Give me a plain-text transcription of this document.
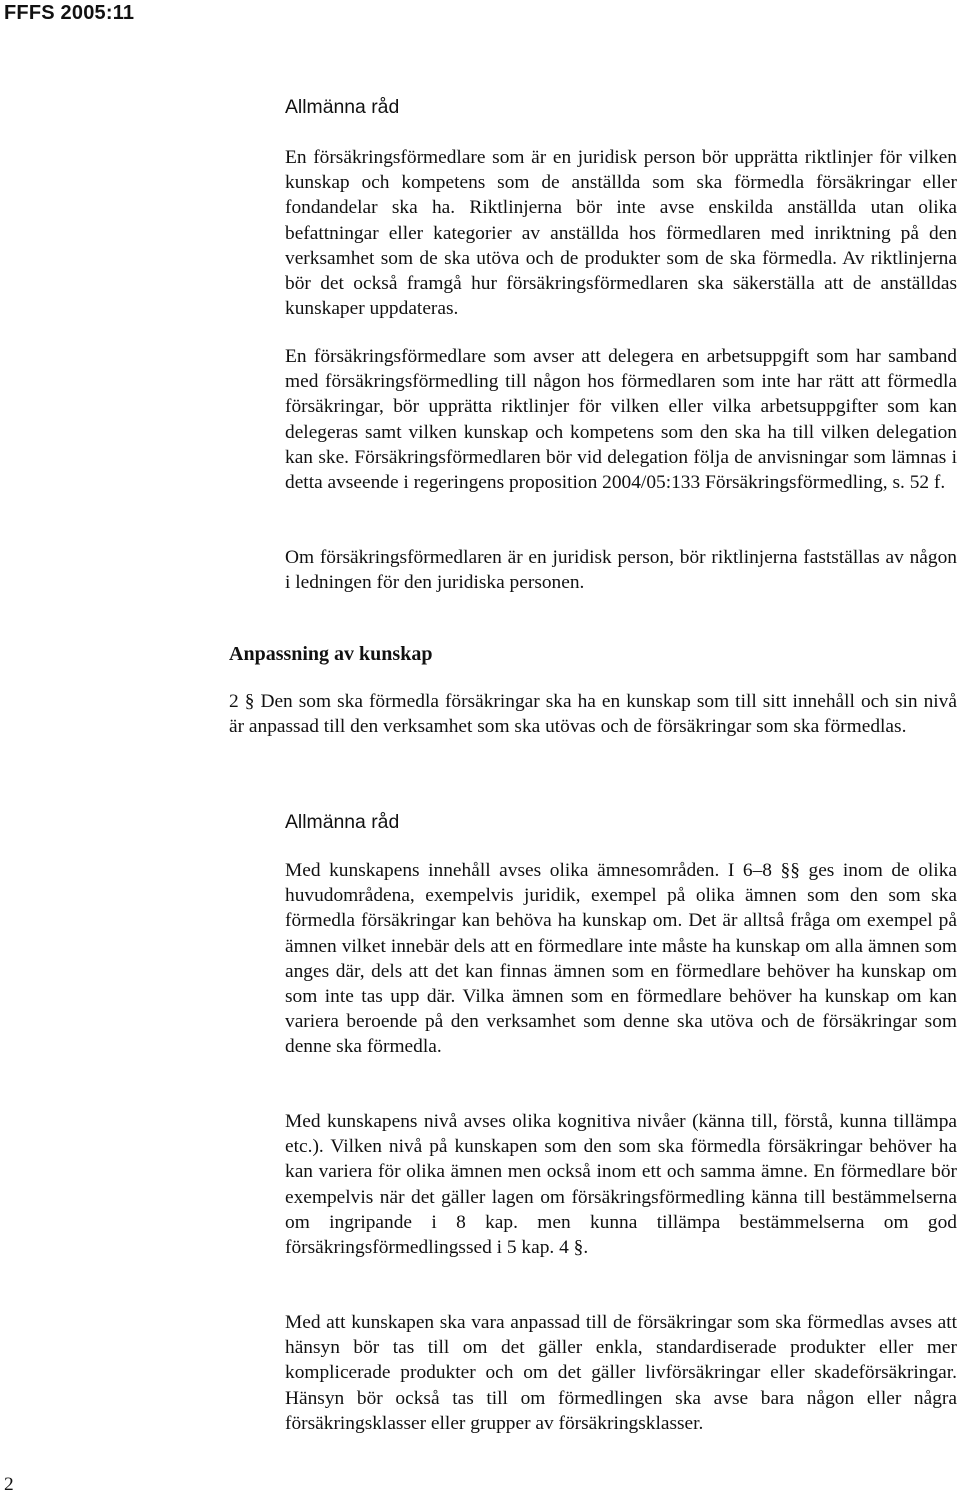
FFFS 2005:11
Allmänna råd

En försäkringsförmedlare som är en juridisk person bör upprätta riktlinjer för vilken kunskap och kompetens som de anställda som ska förmedla försäkringar eller fondandelar ska ha. Riktlinjerna bör inte avse enskilda anställda utan olika befattningar eller kategorier av anställda hos förmedlaren med inriktning på den verksamhet som de ska utöva och de produkter som de ska förmedla. Av riktlinjerna bör det också framgå hur försäkringsförmedlaren ska säkerställa att de anställdas kunskaper uppdateras.

En försäkringsförmedlare som avser att delegera en arbetsuppgift som har samband med försäkringsförmedling till någon hos förmedlaren som inte har rätt att förmedla försäkringar, bör upprätta riktlinjer för vilken eller vilka arbetsuppgifter som kan delegeras samt vilken kunskap och kompetens som den ska ha till vilken delegation kan ske. Försäkringsförmedlaren bör vid delegation följa de anvisningar som lämnas i detta avseende i regeringens proposition 2004/05:133 Försäkringsförmedling, s. 52 f.

Om försäkringsförmedlaren är en juridisk person, bör riktlinjerna fastställas av någon i ledningen för den juridiska personen.

Anpassning av kunskap

2 § Den som ska förmedla försäkringar ska ha en kunskap som till sitt innehåll och sin nivå är anpassad till den verksamhet som ska utövas och de försäkringar som ska förmedlas.

Allmänna råd

Med kunskapens innehåll avses olika ämnesområden. I 6–8 §§ ges inom de olika huvudområdena, exempelvis juridik, exempel på olika ämnen som den som ska förmedla försäkringar kan behöva ha kunskap om. Det är alltså fråga om exempel på ämnen vilket innebär dels att en förmedlare inte måste ha kunskap om alla ämnen som anges där, dels att det kan finnas ämnen som en förmedlare behöver ha kunskap om som inte tas upp där. Vilka ämnen som en förmedlare behöver ha kunskap om kan variera beroende på den verksamhet som denne ska utöva och de försäkringar som denne ska förmedla.

Med kunskapens nivå avses olika kognitiva nivåer (känna till, förstå, kunna tillämpa etc.). Vilken nivå på kunskapen som den som ska förmedla försäkringar behöver ha kan variera för olika ämnen men också inom ett och samma ämne. En förmedlare bör exempelvis när det gäller lagen om försäkringsförmedling känna till bestämmelserna om ingripande i 8 kap. men kunna tillämpa bestämmelserna om god försäkringsförmedlingssed i 5 kap. 4 §.

Med att kunskapen ska vara anpassad till de försäkringar som ska förmedlas avses att hänsyn bör tas till om det gäller enkla, standardiserade produkter eller mer komplicerade produkter och om det gäller livförsäkringar eller skadeförsäkringar. Hänsyn bör också tas till om förmedlingen ska avse bara någon eller några försäkringsklasser eller grupper av försäkringsklasser.

2
